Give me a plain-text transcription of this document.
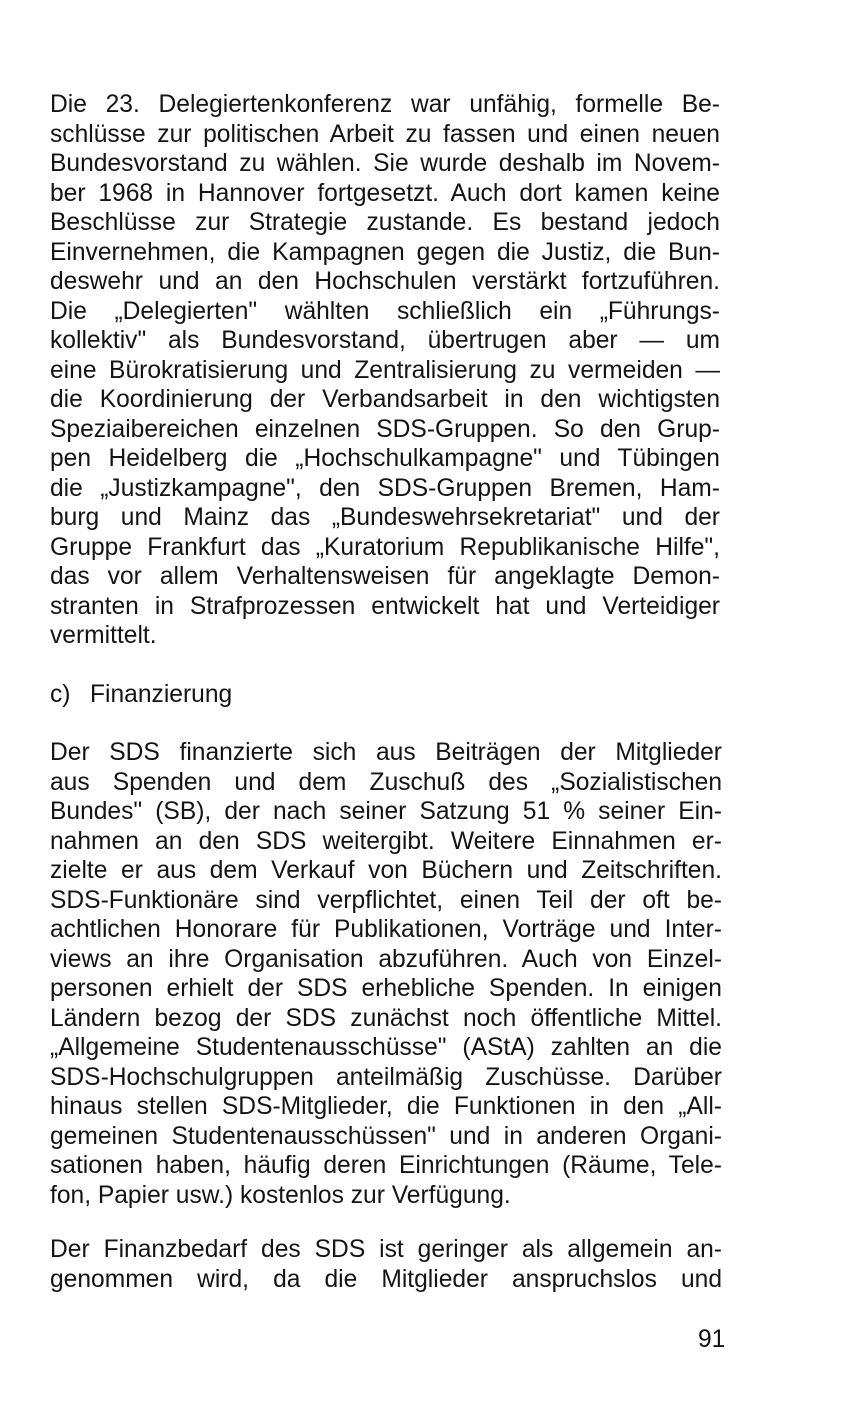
Die 23. Delegiertenkonferenz war unfähig, formelle Be-
schlüsse zur politischen Arbeit zu fassen und einen neuen
Bundesvorstand zu wählen. Sie wurde deshalb im Novem-
ber 1968 in Hannover fortgesetzt. Auch dort kamen keine
Beschlüsse zur Strategie zustande. Es bestand jedoch
Einvernehmen, die Kampagnen gegen die Justiz, die Bun-
deswehr und an den Hochschulen verstärkt fortzuführen.
Die „Delegierten" wählten schließlich ein „Führungs-
kollektiv" als Bundesvorstand, übertrugen aber — um
eine Bürokratisierung und Zentralisierung zu vermeiden —
die Koordinierung der Verbandsarbeit in den wichtigsten
Speziaibereichen einzelnen SDS-Gruppen. So den Grup-
pen Heidelberg die „Hochschulkampagne" und Tübingen
die „Justizkampagne", den SDS-Gruppen Bremen, Ham-
burg und Mainz das „Bundeswehrsekretariat" und der
Gruppe Frankfurt das „Kuratorium Republikanische Hilfe",
das vor allem Verhaltensweisen für angeklagte Demon-
stranten in Strafprozessen entwickelt hat und Verteidiger
vermittelt.
c) Finanzierung
Der SDS finanzierte sich aus Beiträgen der Mitglieder
aus Spenden und dem Zuschuß des „Sozialistischen
Bundes" (SB), der nach seiner Satzung 51 % seiner Ein-
nahmen an den SDS weitergibt. Weitere Einnahmen er-
zielte er aus dem Verkauf von Büchern und Zeitschriften.
SDS-Funktionäre sind verpflichtet, einen Teil der oft be-
achtlichen Honorare für Publikationen, Vorträge und Inter-
views an ihre Organisation abzuführen. Auch von Einzel-
personen erhielt der SDS erhebliche Spenden. In einigen
Ländern bezog der SDS zunächst noch öffentliche Mittel.
„Allgemeine Studentenausschüsse" (AStA) zahlten an die
SDS-Hochschulgruppen anteilmäßig Zuschüsse. Darüber
hinaus stellen SDS-Mitglieder, die Funktionen in den „All-
gemeinen Studentenausschüssen" und in anderen Organi-
sationen haben, häufig deren Einrichtungen (Räume, Tele-
fon, Papier usw.) kostenlos zur Verfügung.
Der Finanzbedarf des SDS ist geringer als allgemein an-
genommen wird, da die Mitglieder anspruchslos und
91
